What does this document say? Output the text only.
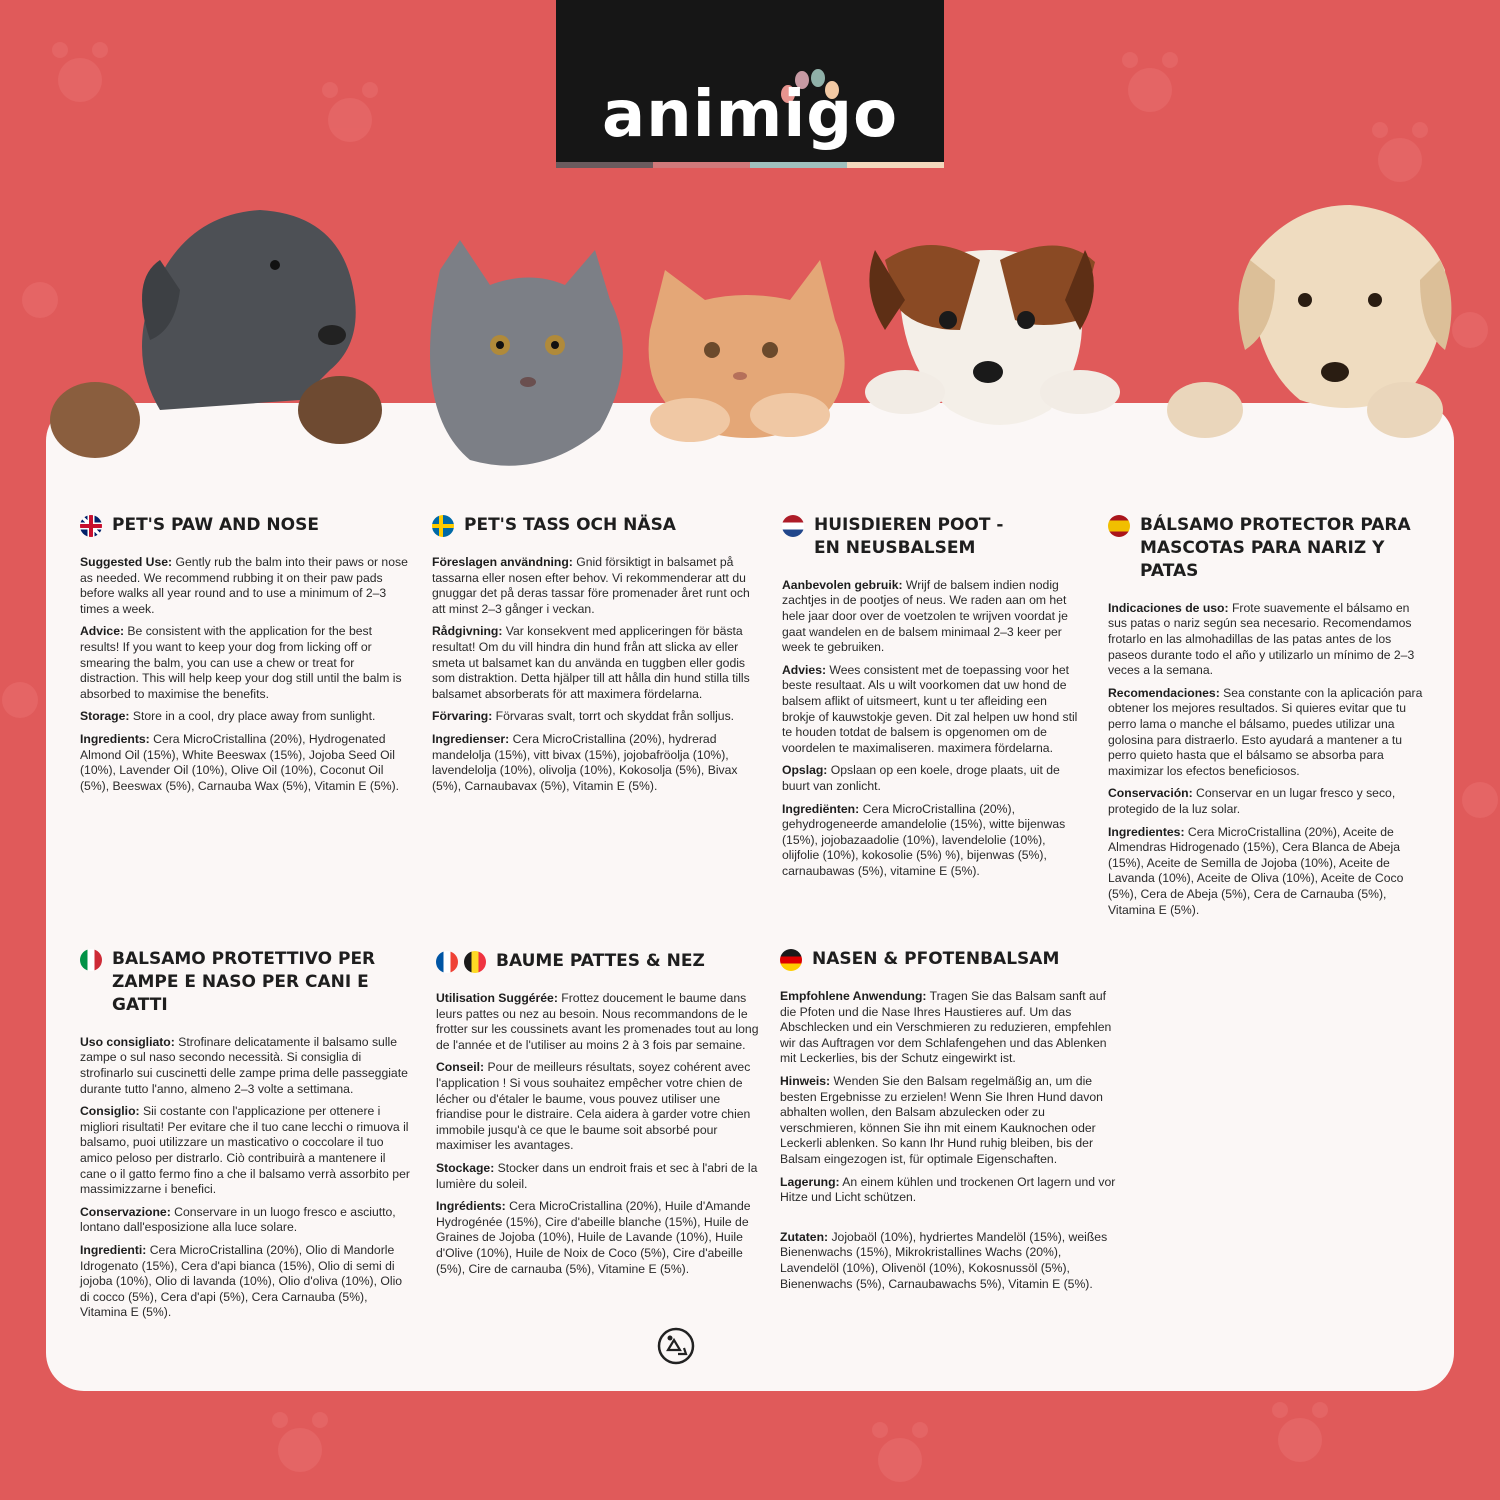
animigo
PET'S PAW AND NOSE

Suggested Use: Gently rub the balm into their paws or nose as needed. We recommend rubbing it on their paw pads before walks all year round and to use a minimum of 2–3 times a week.

Advice: Be consistent with the application for the best results! If you want to keep your dog from licking off or smearing the balm, you can use a chew or treat for distraction. This will help keep your dog still until the balm is absorbed to maximise the benefits.

Storage: Store in a cool, dry place away from sunlight.

Ingredients: Cera MicroCristallina (20%), Hydrogenated Almond Oil (15%), White Beeswax (15%), Jojoba Seed Oil (10%), Lavender Oil (10%), Olive Oil (10%), Coconut Oil (5%), Beeswax (5%), Carnauba Wax (5%), Vitamin E (5%).

PET'S TASS OCH NÄSA

Föreslagen användning: Gnid försiktigt in balsamet på tassarna eller nosen efter behov. Vi rekommenderar att du gnuggar det på deras tassar före promenader året runt och att minst 2–3 gånger i veckan.

Rådgivning: Var konsekvent med appliceringen för bästa resultat! Om du vill hindra din hund från att slicka av eller smeta ut balsamet kan du använda en tuggben eller godis som distraktion. Detta hjälper till att hålla din hund stilla tills balsamet absorberats för att maximera fördelarna.

Förvaring: Förvaras svalt, torrt och skyddat från solljus.

Ingredienser: Cera MicroCristallina (20%), hydrerad mandelolja (15%), vitt bivax (15%), jojobafröolja (10%), lavendelolja (10%), olivolja (10%), Kokosolja (5%), Bivax (5%), Carnaubavax (5%), Vitamin E (5%).

HUISDIEREN POOT - EN NEUSBALSEM

Aanbevolen gebruik: Wrijf de balsem indien nodig zachtjes in de pootjes of neus. We raden aan om het hele jaar door over de voetzolen te wrijven voordat je gaat wandelen en de balsem minimaal 2–3 keer per week te gebruiken.

Advies: Wees consistent met de toepassing voor het beste resultaat. Als u wilt voorkomen dat uw hond de balsem aflikt of uitsmeert, kunt u ter afleiding een brokje of kauwstokje geven. Dit zal helpen uw hond stil te houden totdat de balsem is opgenomen om de voordelen te maximaliseren. maximera fördelarna.

Opslag: Opslaan op een koele, droge plaats, uit de buurt van zonlicht.

Ingrediënten: Cera MicroCristallina (20%), gehydrogeneerde amandelolie (15%), witte bijenwas (15%), jojobazaadolie (10%), lavendelolie (10%), olijfolie (10%), kokosolie (5%) %), bijenwas (5%), carnaubawas (5%), vitamine E (5%).

BÁLSAMO PROTECTOR PARA MASCOTAS PARA NARIZ Y PATAS

Indicaciones de uso: Frote suavemente el bálsamo en sus patas o nariz según sea necesario. Recomendamos frotarlo en las almohadillas de las patas antes de los paseos durante todo el año y utilizarlo un mínimo de 2–3 veces a la semana.

Recomendaciones: Sea constante con la aplicación para obtener los mejores resultados. Si quieres evitar que tu perro lama o manche el bálsamo, puedes utilizar una golosina para distraerlo. Esto ayudará a mantener a tu perro quieto hasta que el bálsamo se absorba para maximizar los efectos beneficiosos.

Conservación: Conservar en un lugar fresco y seco, protegido de la luz solar.

Ingredientes: Cera MicroCristallina (20%), Aceite de Almendras Hidrogenado (15%), Cera Blanca de Abeja (15%), Aceite de Semilla de Jojoba (10%), Aceite de Lavanda (10%), Aceite de Oliva (10%), Aceite de Coco (5%), Cera de Abeja (5%), Cera de Carnauba (5%), Vitamina E (5%).

BALSAMO PROTETTIVO PER ZAMPE E NASO PER CANI E GATTI

Uso consigliato: Strofinare delicatamente il balsamo sulle zampe o sul naso secondo necessità. Si consiglia di strofinarlo sui cuscinetti delle zampe prima delle passeggiate durante tutto l'anno, almeno 2–3 volte a settimana.

Consiglio: Sii costante con l'applicazione per ottenere i migliori risultati! Per evitare che il tuo cane lecchi o rimuova il balsamo, puoi utilizzare un masticativo o coccolare il tuo amico peloso per distrarlo. Ciò contribuirà a mantenere il cane o il gatto fermo fino a che il balsamo verrà assorbito per massimizzarne i benefici.

Conservazione: Conservare in un luogo fresco e asciutto, lontano dall'esposizione alla luce solare.

Ingredienti: Cera MicroCristallina (20%), Olio di Mandorle Idrogenato (15%), Cera d'api bianca (15%), Olio di semi di jojoba (10%), Olio di lavanda (10%), Olio d'oliva (10%), Olio di cocco (5%), Cera d'api (5%), Cera Carnauba (5%), Vitamina E (5%).

BAUME PATTES & NEZ

Utilisation Suggérée: Frottez doucement le baume dans leurs pattes ou nez au besoin. Nous recommandons de le frotter sur les coussinets avant les promenades tout au long de l'année et de l'utiliser au moins 2 à 3 fois par semaine.

Conseil: Pour de meilleurs résultats, soyez cohérent avec l'application ! Si vous souhaitez empêcher votre chien de lécher ou d'étaler le baume, vous pouvez utiliser une friandise pour le distraire. Cela aidera à garder votre chien immobile jusqu'à ce que le baume soit absorbé pour maximiser les avantages.

Stockage: Stocker dans un endroit frais et sec à l'abri de la lumière du soleil.

Ingrédients: Cera MicroCristallina (20%), Huile d'Amande Hydrogénée (15%), Cire d'abeille blanche (15%), Huile de Graines de Jojoba (10%), Huile de Lavande (10%), Huile d'Olive (10%), Huile de Noix de Coco (5%), Cire d'abeille (5%), Cire de carnauba (5%), Vitamine E (5%).

NASEN & PFOTENBALSAM

Empfohlene Anwendung: Tragen Sie das Balsam sanft auf die Pfoten und die Nase Ihres Haustieres auf. Um das Abschlecken und ein Verschmieren zu reduzieren, empfehlen wir das Auftragen vor dem Schlafengehen und das Ablenken mit Leckerlies, bis der Schutz eingewirkt ist.

Hinweis: Wenden Sie den Balsam regelmäßig an, um die besten Ergebnisse zu erzielen! Wenn Sie Ihren Hund davon abhalten wollen, den Balsam abzulecken oder zu verschmieren, können Sie ihn mit einem Kauknochen oder Leckerli ablenken. So kann Ihr Hund ruhig bleiben, bis der Balsam eingezogen ist, für optimale Eigenschaften.

Lagerung: An einem kühlen und trockenen Ort lagern und vor Hitze und Licht schützen.

Zutaten: Jojobaöl (10%), hydriertes Mandelöl (15%), weißes Bienenwachs (15%), Mikrokristallines Wachs (20%), Lavendelöl (10%), Olivenöl (10%), Kokosnussöl (5%), Bienenwachs (5%), Carnaubawachs 5%), Vitamin E (5%).
